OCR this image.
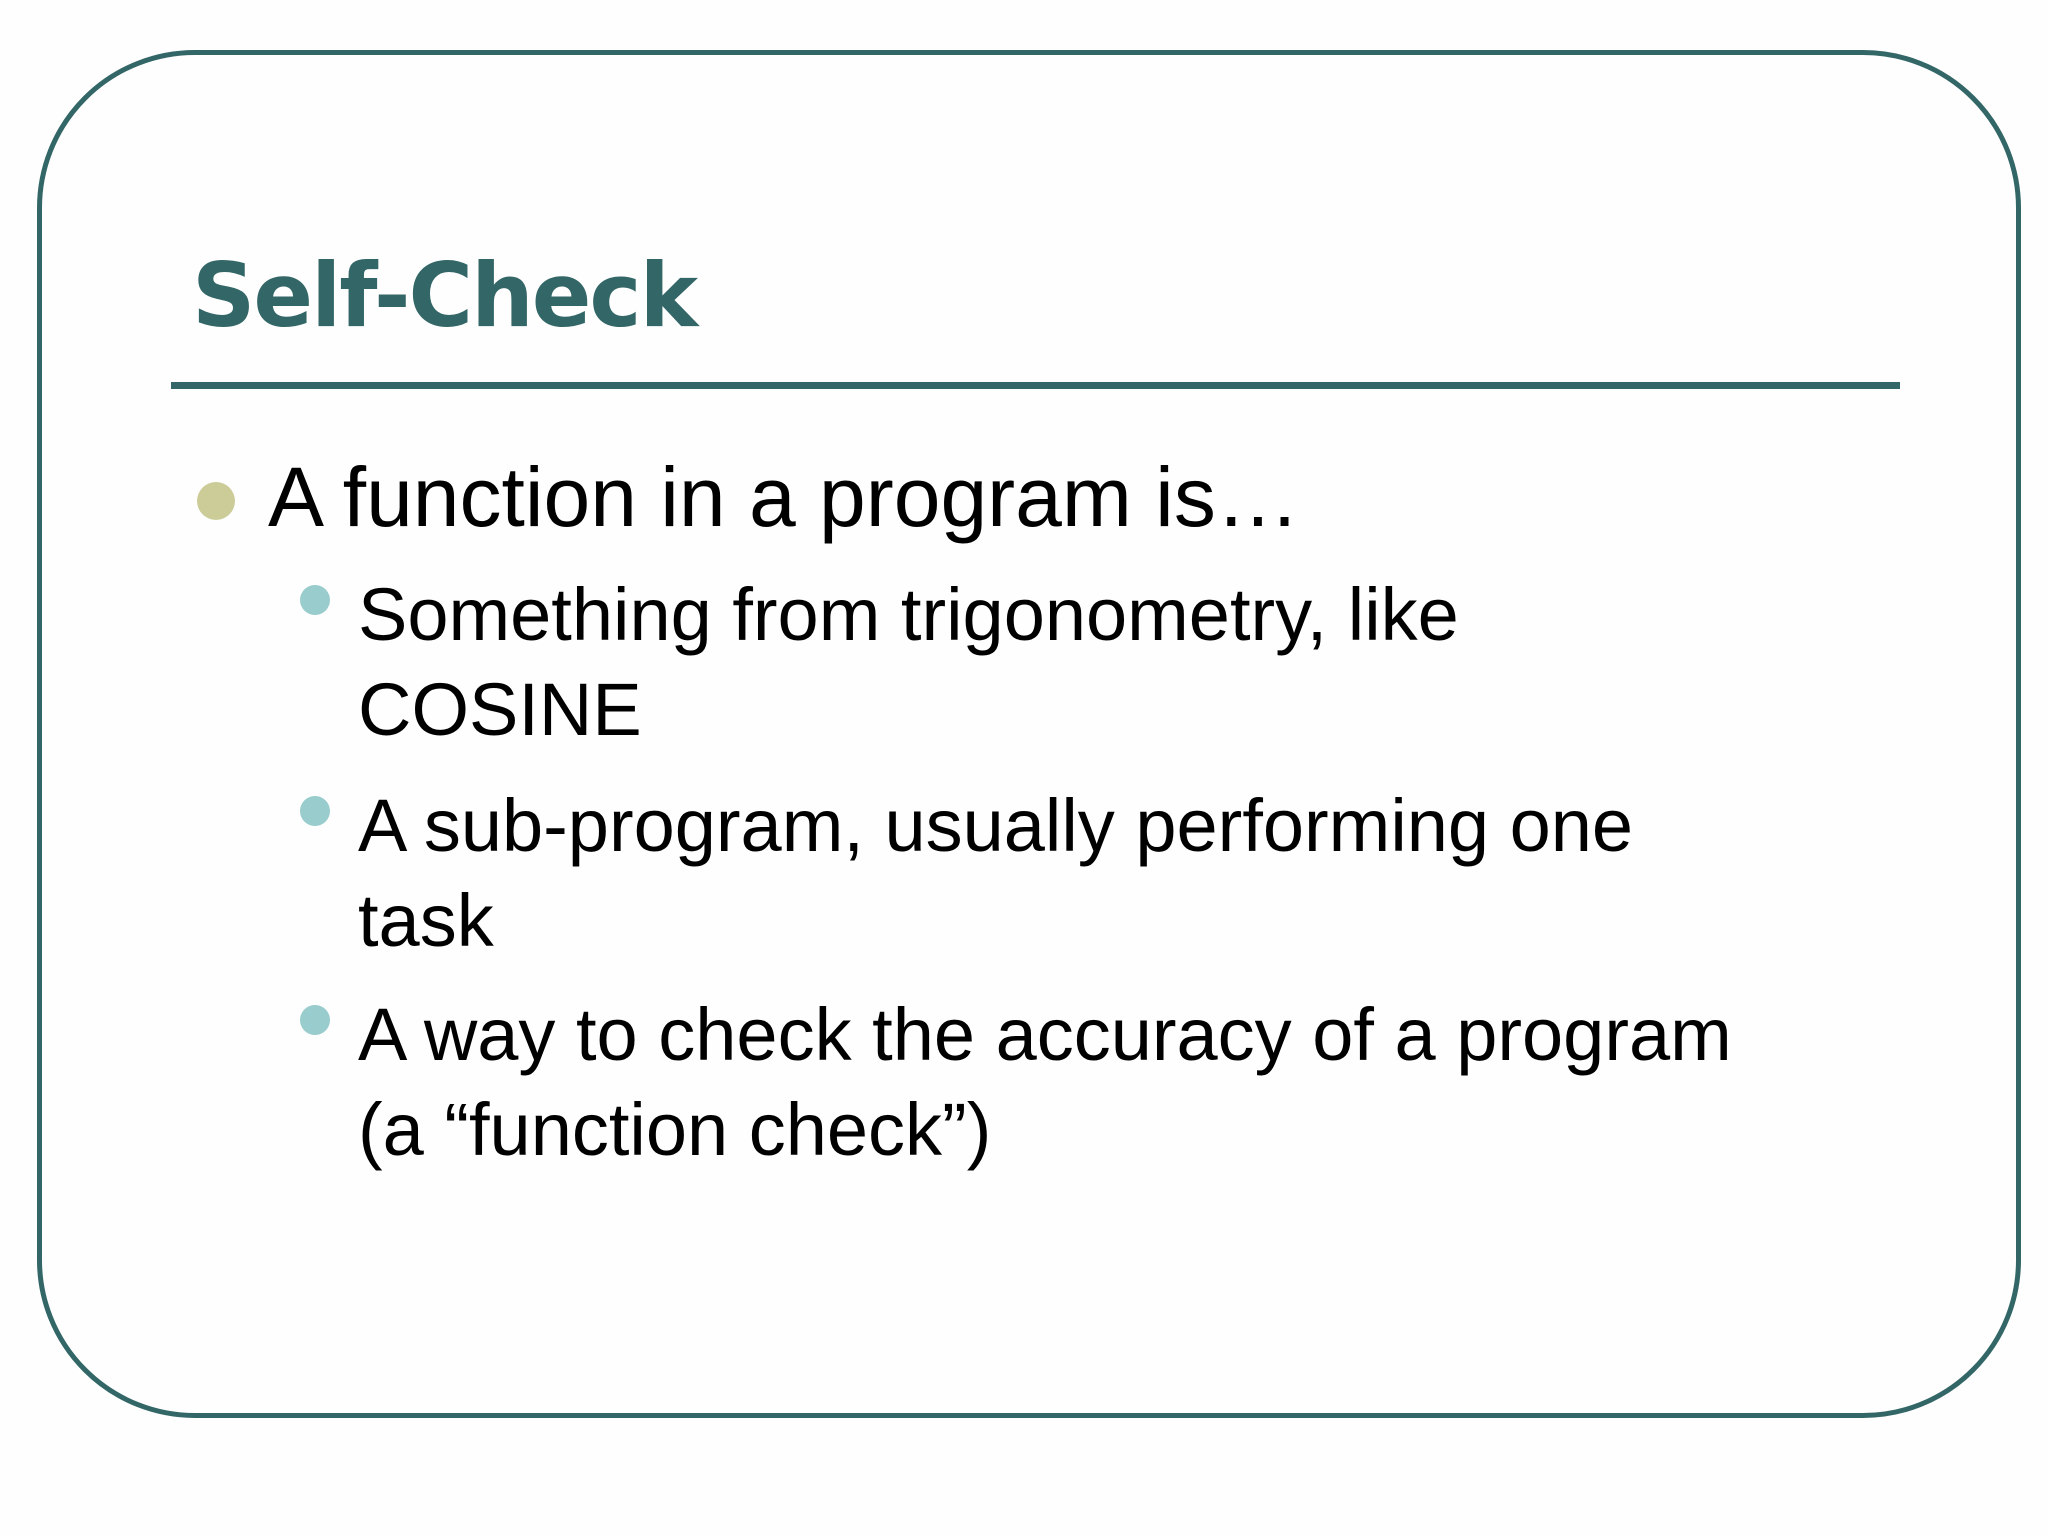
Self-Check

A function in a program is…

Something from trigonometry, like

COSINE

A sub-program, usually performing one

task

A way to check the accuracy of a program

(a “function check”)
